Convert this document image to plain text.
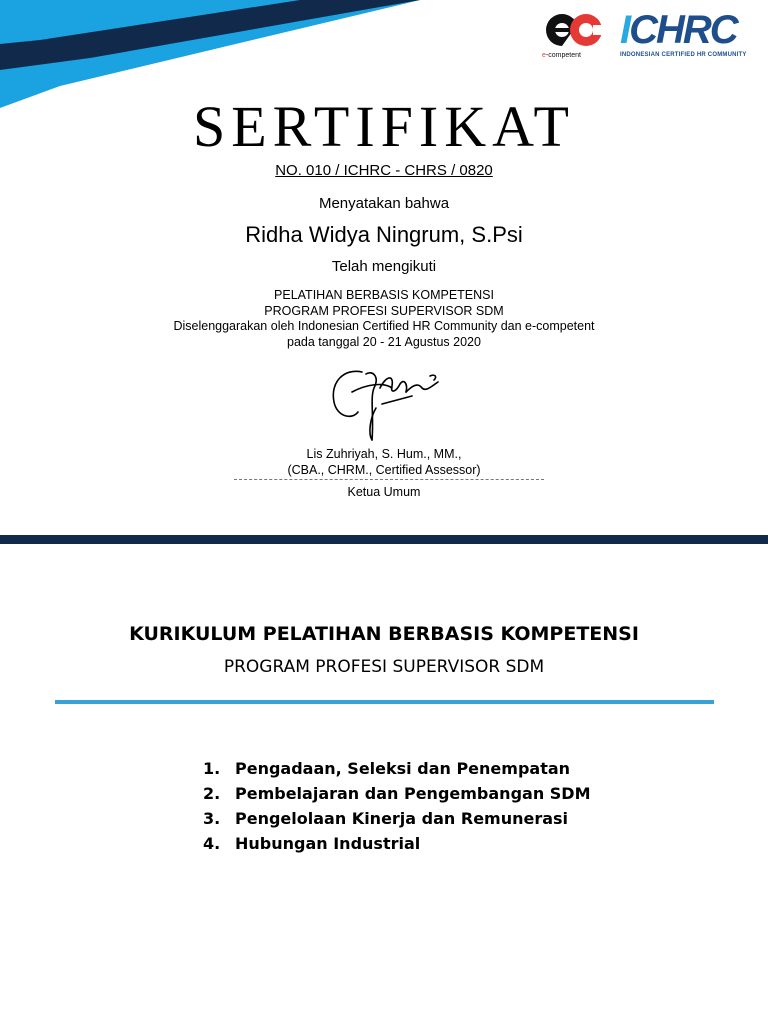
e-competent
ICHRC
INDONESIAN CERTIFIED HR COMMUNITY
SERTIFIKAT
NO. 010 / ICHRC - CHRS / 0820
Menyatakan bahwa
Ridha Widya Ningrum, S.Psi
Telah mengikuti
PELATIHAN BERBASIS KOMPETENSI
PROGRAM PROFESI SUPERVISOR SDM
Diselenggarakan oleh Indonesian Certified HR Community dan e-competent
pada tanggal 20 - 21 Agustus 2020
Lis Zuhriyah, S. Hum., MM.,
(CBA., CHRM., Certified Assessor)
Ketua Umum
KURIKULUM PELATIHAN BERBASIS KOMPETENSI
PROGRAM PROFESI SUPERVISOR SDM
1. Pengadaan, Seleksi dan Penempatan
2. Pembelajaran dan Pengembangan SDM
3. Pengelolaan Kinerja dan Remunerasi
4. Hubungan Industrial
